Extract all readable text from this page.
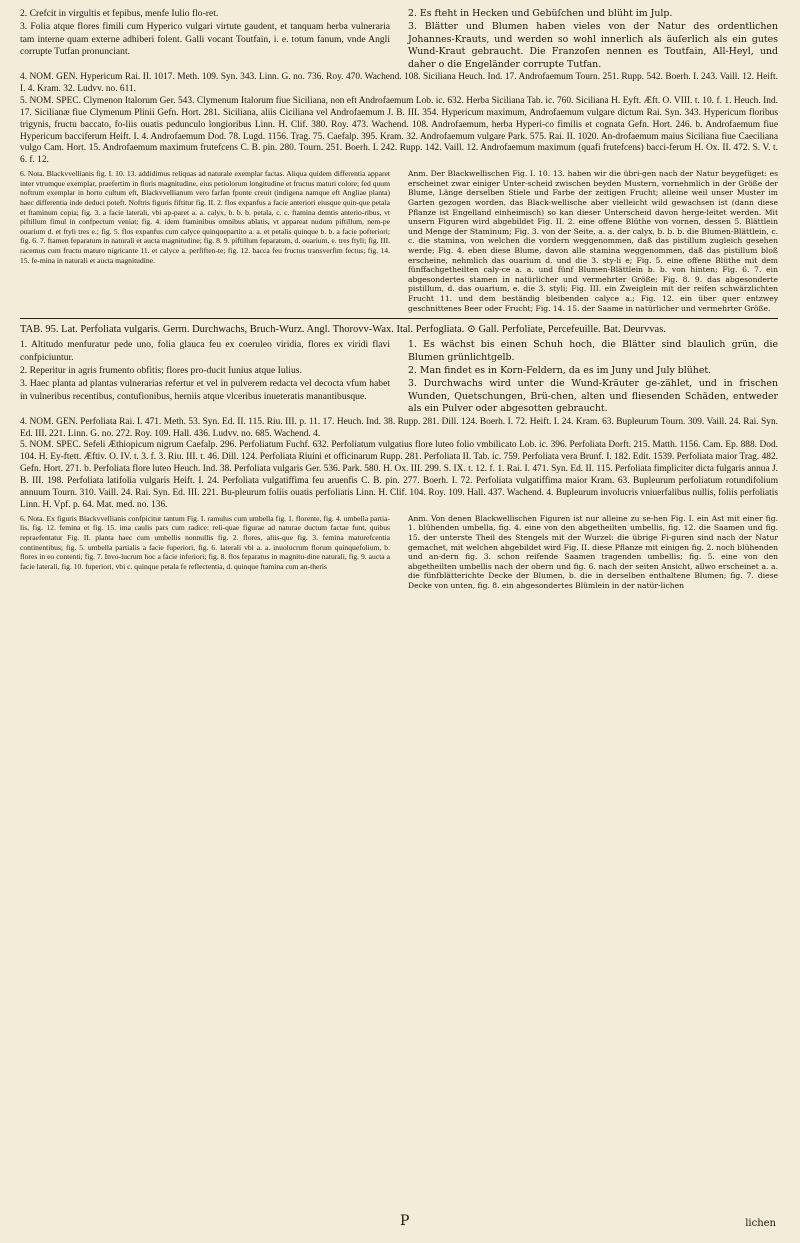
2. Crefcit in virgultis et fepibus, menfe Iulio flo-ret.

3. Folia atque flores fimili cum Hyperico vulgari virtute gaudent, et tanquam herba vulneraria tam interne quam externe adhiberi folent. Galli vocant Toutfain, i. e. totum fanum, vnde Angli corrupte Tutfan pronunciant.

2. Es fteht in Hecken und Gebüſchen und blüht im Julp.

3. Blätter und Blumen haben vieles von der Natur des ordentlichen Johannes-Krauts, und werden so wohl innerlich als äuſerlich als ein gutes Wund-Kraut gebraucht. Die Franzoſen nennen es Toutfain, All-Heyl, und daher o die Engeländer corrupte Tutfan.

4. NOM. GEN. Hypericum Rai. II. 1017. Meth. 109. Syn. 343. Linn. G. no. 736. Roy. 470. Wachend. 108. Siciliana Heuch. Ind. 17. Androfaemum Tourn. 251. Rupp. 542. Boerh. I. 243. Vaill. 12. Heift. I. 4. Kram. 32. Ludvv. no. 611.

5. NOM. SPEC. Clymenon Italorum Ger. 543. Clymenum Italorum fiue Siciliana, non eft Androfaemum Lob. ic. 632. Herba Siciliana Tab. ic. 760. Siciliana H. Eyft. Æft. O. VIII. t. 10. f. 1. Heuch. Ind. 17. Sicilianæ fiue Clymenum Plinii Gefn. Hort. 281. Siciliana, aliis Ciciliana vel Androfaemum J. B. III. 354. Hypericum maximum, Androfaemum vulgare dictum Rai. Syn. 343. Hypericum floribus trigynis, fructu baccato, fo-liis ouatis pedunculo longioribus Linn. H. Clif. 380. Roy. 473. Wachend. 108. Androfaemum, herba Hyperi-co fimilis et cognata Gefn. Hort. 246. b. Androfaemum fiue Hypericum bacciferum Heift. I. 4. Androfaemum Dod. 78. Lugd. 1156. Trag. 75. Caefalp. 395. Kram. 32. Androfaemum vulgare Park. 575. Rai. II. 1020. An-drofaemum maius Siciliana fiue Caeciliana vulgo Cam. Hort. 15. Androfaemum maximum frutefcens C. B. pin. 280. Tourn. 251. Boerh. I. 242. Rupp. 142. Vaill. 12. Androfaemum maximum (quafi frutefcens) bacci-ferum H. Ox. II. 472. S. V. t. 6. f. 12.

6. Nota. Blackvvellianis fig. I. 10. 13. addidimus reliquas ad naturale exemplar factas. Aliqua quidem differentia apparet inter vtrumque exemplar, praefertim in floris magnitudine, eius petiolorum longitudine et fructus maturi colore; fed quum noftrum exemplar in horto cultum eft, Blackvvellianum vero farfan fponte creuit (indigena namque eft Angliae planta) haec differentia inde deduci poteft. Noftris figuris fiftitur fig. II. 2. flos expanfus a facie anteriori eiusque quin-que petala et ftaminum copia; fig. 3. a facie laterali, vbi ap-paret a. a. calyx, b. b. b. petala, c. c. ftamina demtis anterio-ribus, vt piftillum fimul in confpectum veniat; fig. 4. idem ftaminibus omnibus ablatis, vt appareat nudum piftillum, nem-pe ouarium d. et ftyli tres e.; fig. 5. flos expanfus cum calyce quinquepartito a. a. et petalis quinque b. b. a facie pofteriori; fig. 6. 7. ftamen feparatum in naturali et aucta magnitudine; fig. 8. 9. piftillum feparatum, d. ouarium, e. tres ftyli; fig. III. racemus cum fructu maturo nigricante 11. et calyce a. perfiften-te; fig. 12. bacca feu fructus transverfim fectus; fig. 14. 15. fe-mina in naturali et aucta magnitudine.
Anm. Der Blackwellischen Fig. I. 10. 13. haben wir die übri-gen nach der Natur beygefüget: es erscheinet zwar einiger Unter-scheid zwischen beyden Mustern, vornehmlich in der Größe der Blume, Länge derselben Stiele und Farbe der zeitigen Frucht; alleine weil unser Muster im Garten gezogen worden, das Black-wellische aber vielleicht wild gewachsen ist (dann diese Pflanze ist Engelland einheimisch) so kan dieser Unterscheid davon herge-leitet werden. Mit unsern Figuren wird abgebildet Fig. II. 2. eine offene Blüthe von vornen, dessen 5. Blättlein und Menge der Staminum; Fig. 3. von der Seite, a. a. der calyx, b. b. b. die Blumen-Blättlein, c. c. die stamina, von welchen die vordern weggenommen, daß das pistillum zugleich gesehen werde; Fig. 4. eben diese Blume, davon alle stamina weggenommen, daß das pistillum bloß erscheine, nehmlich das ouarium d. und die 3. sty-li e; Fig. 5. eine offene Blüthe mit dem fünffachgetheilten caly-ce a. a. und fünf Blumen-Blättlein b. b. von hinten; Fig. 6. 7. ein abgesondertes stamen in natürlicher und vermehrter Größe; Fig. 8. 9. das abgesonderte pistillum, d. das ouarium, e. die 3. styli; Fig. III. ein Zweiglein mit der reifen schwärzlichten Frucht 11. und dem beständig bleibenden calyce a.; Fig. 12. ein über quer entzwey geschnittenes Beer oder Frucht; Fig. 14. 15. der Saame in natürlicher und vermehrter Größe.

TAB. 95. Lat. Perfoliata vulgaris. Germ. Durchwachs, Bruch-Wurz. Angl. Thorovv-Wax. Ital. Perfogliata. ⊙ Gall. Perfoliate, Percefeuille. Bat. Deurvvas.

1. Altitudo menfuratur pede uno, folia glauca feu ex coeruleo viridia, flores ex viridi flavi confpiciuntur.

2. Reperitur in agris frumento obfitis; flores pro-ducit Iunius atque Iulius.

3. Haec planta ad plantas vulnerarias refertur et vel in pulverem redacta vel decocta vfum habet in vulneribus recentibus, contufionibus, herniis atque vlceribus inueteratis manantibusque.

1. Es wächst bis einen Schuh hoch, die Blätter sind blaulich grün, die Blumen grünlichtgelb.

2. Man findet es in Korn-Feldern, da es im Juny und July blühet.

3. Durchwachs wird unter die Wund-Kräuter ge-zählet, und in frischen Wunden, Quetschungen, Brü-chen, alten und fliesenden Schäden, entweder als ein Pulver oder abgesotten gebraucht.

4. NOM. GEN. Perfoliata Rai. I. 471. Meth. 53. Syn. Ed. II. 115. Riu. III. p. 11. 17. Heuch. Ind. 38. Rupp. 281. Dill. 124. Boerh. I. 72. Heift. I. 24. Kram. 63. Bupleurum Tourn. 309. Vaill. 24. Rai. Syn. Ed. III. 221. Linn. G. no. 272. Roy. 109. Hall. 436. Ludvv. no. 685. Wachend. 4.

5. NOM. SPEC. Sefeli Æthiopicum nigrum Caefalp. 296. Perfoliatum Fuchf. 632. Perfoliatum vulgatius flore luteo folio vmbilicato Lob. ic. 396. Perfoliata Dorft. 215. Matth. 1156. Cam. Ep. 888. Dod. 104. H. Ey-ftett. Æftiv. O. IV. t. 3. f. 3. Riu. III. t. 46. Dill. 124. Perfoliata Riuini et officinarum Rupp. 281. Perfoliata II. Tab. ic. 759. Perfoliata vera Brunf. I. 182. Edit. 1539. Perfoliata maior Trag. 482. Gefn. Hort. 271. b. Perfoliata flore luteo Heuch. Ind. 38. Perfoliata vulgaris Ger. 536. Park. 580. H. Ox. III. 299. S. IX. t. 12. f. 1. Rai. I. 471. Syn. Ed. II. 115. Perfoliata fimpliciter dicta fulgaris annua J. B. III. 198. Perfoliata latifolia vulgaris Heift. I. 24. Perfoliata vulgatiffima feu aruenfis C. B. pin. 277. Boerh. I. 72. Perfoliata vulgatiffima maior Kram. 63. Bupleurum perfoliatum rotundifolium annuum Tourn. 310. Vaill. 24. Rai. Syn. Ed. III. 221. Bu-pleurum foliis ouatis perfoliatis Linn. H. Clif. 104. Roy. 109. Hall. 437. Wachend. 4. Bupleurum involucris vniuerfalibus nullis, foliis perfoliatis Linn. H. Vpf. p. 64. Mat. med. no. 136.

6. Nota. Ex figuris Blackvvellianis confpicitur tantum Fig. I. ramulus cum umbella fig. 1. florente, fig. 4. umbella partia-lis, fig. 12. femina et fig. 15. ima caulis pars cum radice: reli-quae figurae ad naturae ductum factae funt, quibus repraefentatur Fig. II. planta haec cum umbellis nonnullis fig. 2. flores, aliis-que fig. 3. femina maturefcentia continentibus; fig. 5. umbella partialis a facie fuperiori, fig. 6. laterali vbi a. a. inuolucrum florum quinquefolium, b. flores in eo contenti; fig. 7. Invo-lucrum hoc a facie inferiori; fig. 8. flos feparatus in magnitu-dine naturali, fig. 9. aucta a facie laterali, fig. 10. fuperiori, vbi c. quinque petala fe reflectentia, d. quinque ftamina cum an-theris
Anm. Von denen Blackwellischen Figuren ist nur alleine zu se-hen Fig. I. ein Ast mit einer fig. 1. blühenden umbella, fig. 4. eine von den abgetheilten umbellis, fig. 12. die Saamen und fig. 15. der unterste Theil des Stengels mit der Wurzel: die übrige Fi-guren sind nach der Natur gemachet, mit welchen abgebildet wird Fig. II. diese Pflanze mit einigen fig. 2. noch blühenden und an-dern fig. 3. schon reifende Saamen tragenden umbellis; fig. 5. eine von den abgetheilten umbellis nach der obern und fig. 6. nach der seiten Ansicht, allwo erscheinet a. a. die fünfblätterichte Decke der Blumen, b. die in derselben enthaltene Blumen; fig. 7. diese Decke von unten, fig. 8. ein abgesondertes Blümlein in der natür-lichen
P	lichen
